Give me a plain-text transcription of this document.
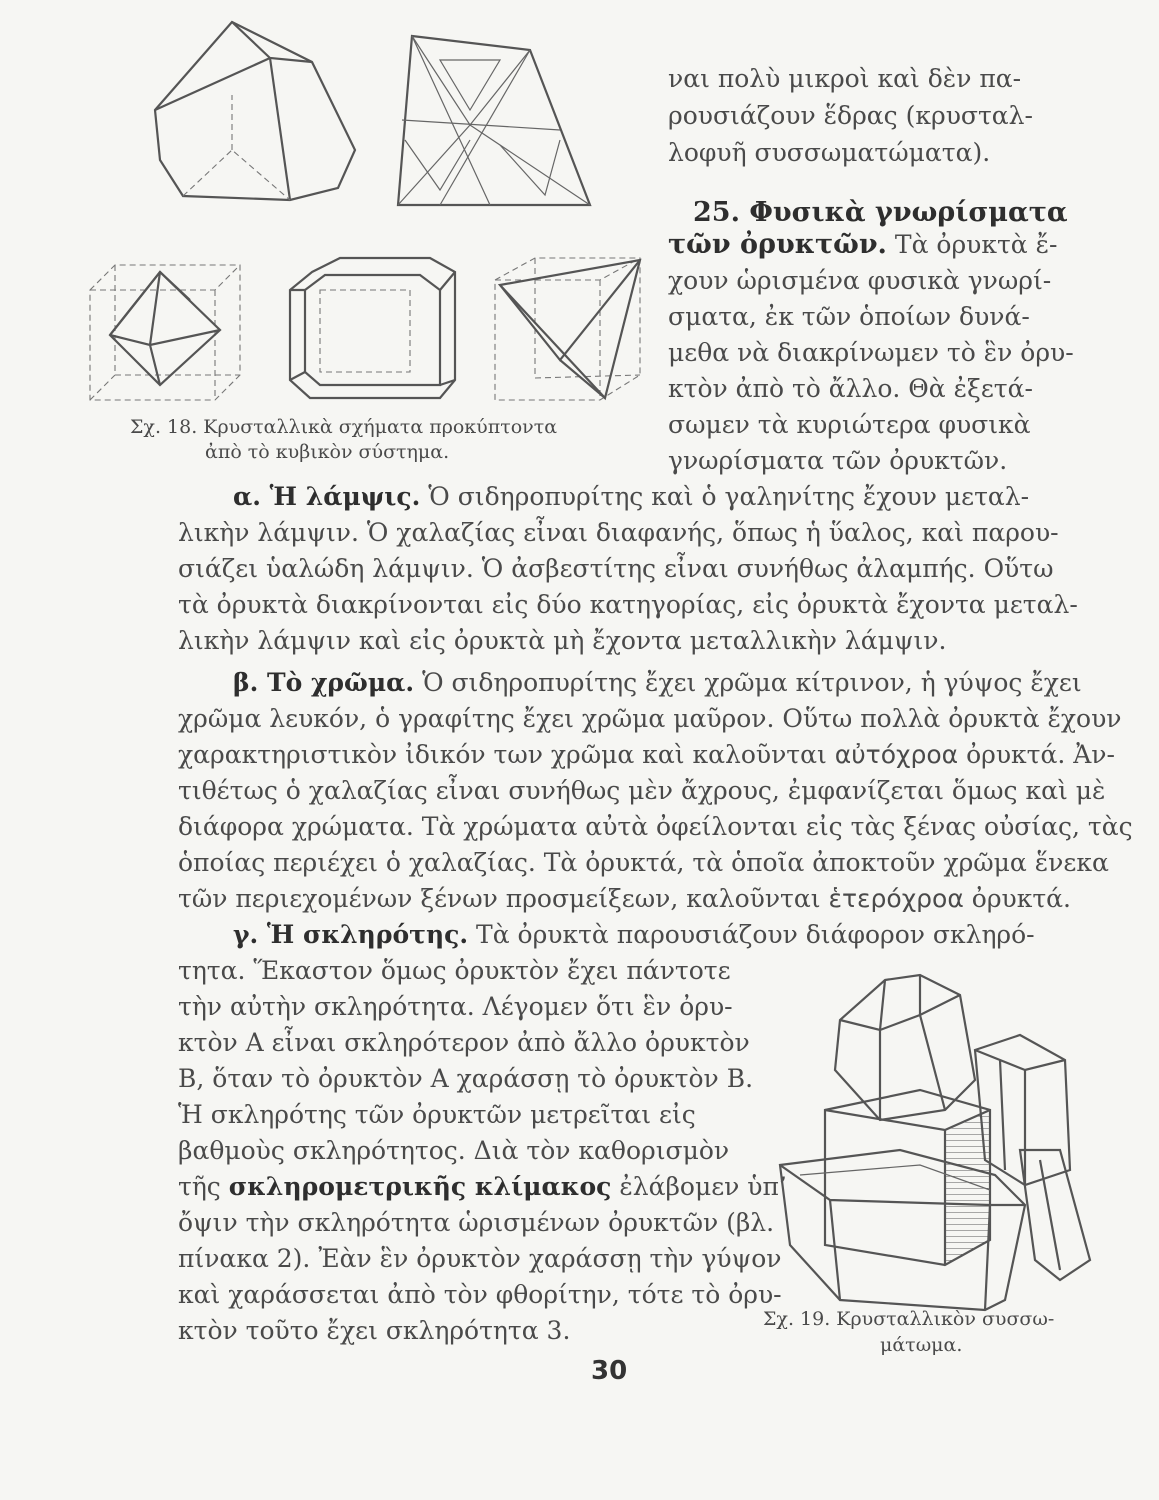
ναι πολὺ μικροὶ καὶ δὲν πα-
ρουσιάζουν ἕδρας (κρυσταλ-
λοφυῆ συσσωματώματα).
25. Φυσικὰ γνωρίσματα
τῶν ὀρυκτῶν. Τὰ ὀρυκτὰ ἔ-
χουν ὡρισμένα φυσικὰ γνωρί-
σματα, ἐκ τῶν ὁποίων δυνά-
μεθα νὰ διακρίνωμεν τὸ ἓν ὀρυ-
κτὸν ἀπὸ τὸ ἄλλο. Θὰ ἐξετά-
σωμεν τὰ κυριώτερα φυσικὰ
γνωρίσματα τῶν ὀρυκτῶν.
Σχ. 18. Κρυσταλλικὰ σχήματα προκύπτοντα
ἀπὸ τὸ κυβικὸν σύστημα.
α. Ἡ λάμψις. Ὁ σιδηροπυρίτης καὶ ὁ γαληνίτης ἔχουν μεταλ-
λικὴν λάμψιν. Ὁ χαλαζίας εἶναι διαφανής, ὅπως ἡ ὕαλος, καὶ παρου-
σιάζει ὑαλώδη λάμψιν. Ὁ ἀσβεστίτης εἶναι συνήθως ἀλαμπής. Οὕτω
τὰ ὀρυκτὰ διακρίνονται εἰς δύο κατηγορίας, εἰς ὀρυκτὰ ἔχοντα μεταλ-
λικὴν λάμψιν καὶ εἰς ὀρυκτὰ μὴ ἔχοντα μεταλλικὴν λάμψιν.
β. Τὸ χρῶμα. Ὁ σιδηροπυρίτης ἔχει χρῶμα κίτρινον, ἡ γύψος ἔχει
χρῶμα λευκόν, ὁ γραφίτης ἔχει χρῶμα μαῦρον. Οὕτω πολλὰ ὀρυκτὰ ἔχουν
χαρακτηριστικὸν ἰδικόν των χρῶμα καὶ καλοῦνται αὐτόχροα ὀρυκτά. Ἀν-
τιθέτως ὁ χαλαζίας εἶναι συνήθως μὲν ἄχρους, ἐμφανίζεται ὅμως καὶ μὲ
διάφορα χρώματα. Τὰ χρώματα αὐτὰ ὀφείλονται εἰς τὰς ξένας οὐσίας, τὰς
ὁποίας περιέχει ὁ χαλαζίας. Τὰ ὀρυκτά, τὰ ὁποῖα ἀποκτοῦν χρῶμα ἕνεκα
τῶν περιεχομένων ξένων προσμείξεων, καλοῦνται ἑτερόχροα ὀρυκτά.
γ. Ἡ σκληρότης. Τὰ ὀρυκτὰ παρουσιάζουν διάφορον σκληρό-
τητα. Ἕκαστον ὅμως ὀρυκτὸν ἔχει πάντοτε
τὴν αὐτὴν σκληρότητα. Λέγομεν ὅτι ἓν ὀρυ-
κτὸν Α εἶναι σκληρότερον ἀπὸ ἄλλο ὀρυκτὸν
Β, ὅταν τὸ ὀρυκτὸν Α χαράσσῃ τὸ ὀρυκτὸν Β.
Ἡ σκληρότης τῶν ὀρυκτῶν μετρεῖται εἰς
βαθμοὺς σκληρότητος. Διὰ τὸν καθορισμὸν
τῆς σκληρομετρικῆς κλίμακος ἐλάβομεν ὑπ’
ὄψιν τὴν σκληρότητα ὡρισμένων ὀρυκτῶν (βλ.
πίνακα 2). Ἐὰν ἓν ὀρυκτὸν χαράσσῃ τὴν γύψον
καὶ χαράσσεται ἀπὸ τὸν φθορίτην, τότε τὸ ὀρυ-
κτὸν τοῦτο ἔχει σκληρότητα 3.	Σχ. 19. Κρυσταλλικὸν συσσω-
μάτωμα.
30
